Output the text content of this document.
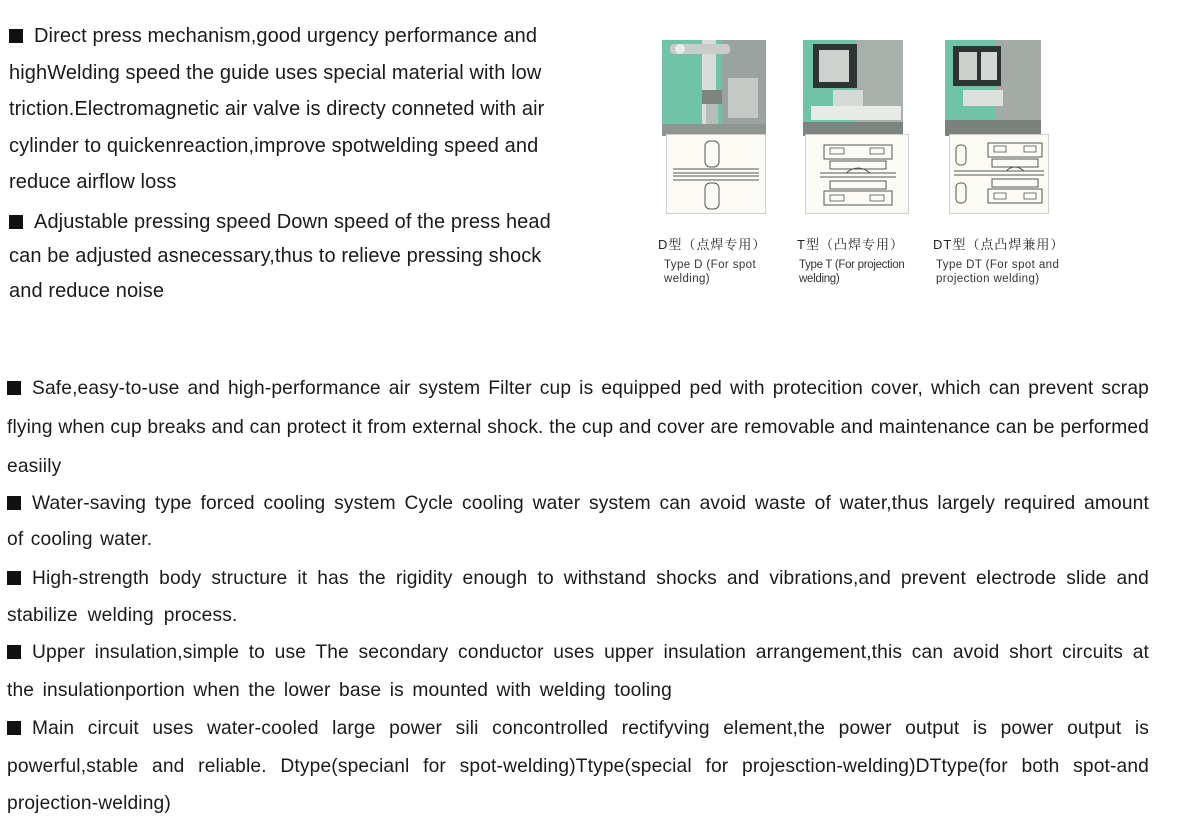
Direct press mechanism,good urgency performance and highWelding speed the guide uses special material with low triction.Electromagnetic air valve is directy conneted with air cylinder to quickenreaction,improve spotwelding speed and reduce airflow loss

Adjustable pressing speed Down speed of the press head can be adjusted asnecessary,thus to relieve pressing shock and reduce noise

D型（点焊专用）
Type D (For spot
welding)
T型（凸焊专用）
Type T (For projection
welding)
DT型（点凸焊兼用）
Type DT (For spot and
projection welding)

Safe,easy-to-use and high-performance air system Filter cup is equipped ped with protecition cover, which can prevent scrap flying when cup breaks and can protect it from external shock. the cup and cover are removable and maintenance can be performed easiily

Water-saving type forced cooling system Cycle cooling water system can avoid waste of water,thus largely required amount of cooling water.

High-strength body structure it has the rigidity enough to withstand shocks and vibrations,and prevent electrode slide and stabilize welding process.

Upper insulation,simple to use The secondary conductor uses upper insulation arrangement,this can avoid short circuits at the insulationportion when the lower base is mounted with welding tooling

Main circuit uses water-cooled large power sili concontrolled rectifyving element,the power output is power output is powerful,stable and reliable. Dtype(specianl for spot-welding)Ttype(special for projesction-welding)DTtype(for both spot-and projection-welding)
